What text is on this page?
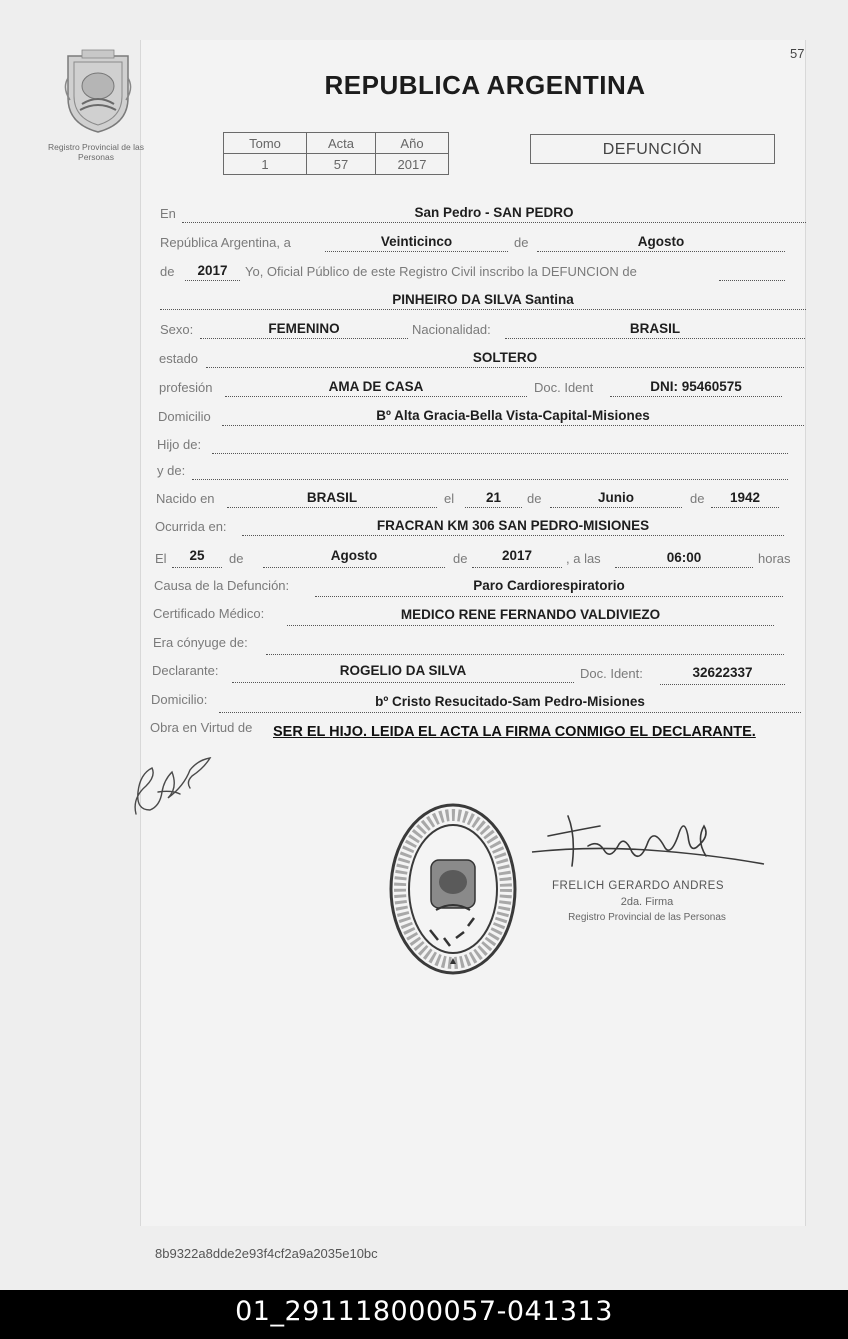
57
Registro Provincial de las Personas
REPUBLICA ARGENTINA
Tomo	Acta	Año
1	57	2017
DEFUNCIÓN
En	San Pedro - SAN PEDRO
República Argentina, a	Veinticinco	de	Agosto
de	2017	Yo, Oficial Público de este Registro Civil inscribo la DEFUNCION de
PINHEIRO DA SILVA Santina
Sexo:	FEMENINO	Nacionalidad:	BRASIL
estado	SOLTERO
profesión	AMA DE CASA	Doc. Ident	DNI: 95460575
Domicilio	Bº Alta Gracia-Bella Vista-Capital-Misiones
Hijo de:
y de:
Nacido en	BRASIL	el	21	de	Junio	de	1942
Ocurrida en:	FRACRAN KM 306 SAN PEDRO-MISIONES
El	25	de	Agosto	de	2017	, a las	06:00	horas
Causa de la Defunción:	Paro Cardiorespiratorio
Certificado Médico:	MEDICO RENE FERNANDO VALDIVIEZO
Era cónyuge de:
Declarante:	ROGELIO DA SILVA	Doc. Ident:	32622337
Domicilio:	bº Cristo Resucitado-Sam Pedro-Misiones
Obra en Virtud de SER EL HIJO. LEIDA EL ACTA LA FIRMA CONMIGO EL DECLARANTE.
FRELICH GERARDO ANDRES
2da. Firma
Registro Provincial de las Personas
8b9322a8dde2e93f4cf2a9a2035e10bc
01_291118000057-041313
